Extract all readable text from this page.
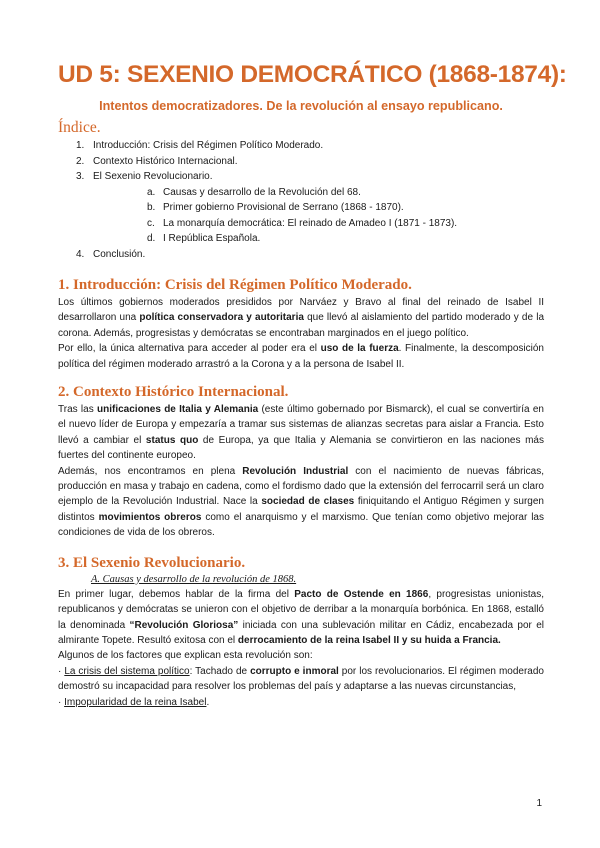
UD 5: SEXENIO DEMOCRÁTICO (1868-1874):
Intentos democratizadores. De la revolución al ensayo republicano.
Índice.
1. Introducción: Crisis del Régimen Político Moderado.
2. Contexto Histórico Internacional.
3. El Sexenio Revolucionario.
a. Causas y desarrollo de la Revolución del 68.
b. Primer gobierno Provisional de Serrano (1868 - 1870).
c. La monarquía democrática: El reinado de Amadeo I (1871 - 1873).
d. I República Española.
4. Conclusión.
1. Introducción: Crisis del Régimen Político Moderado.

Los últimos gobiernos moderados presididos por Narváez y Bravo al final del reinado de Isabel II desarrollaron una política conservadora y autoritaria que llevó al aislamiento del partido moderado y de la corona. Además, progresistas y demócratas se encontraban marginados en el juego político.

Por ello, la única alternativa para acceder al poder era el uso de la fuerza. Finalmente, la descomposición política del régimen moderado arrastró a la Corona y a la persona de Isabel II.

2. Contexto Histórico Internacional.

Tras las unificaciones de Italia y Alemania (este último gobernado por Bismarck), el cual se convertiría en el nuevo líder de Europa y empezaría a tramar sus sistemas de alianzas secretas para aislar a Francia. Esto llevó a cambiar el status quo de Europa, ya que Italia y Alemania se convirtieron en las naciones más fuertes del continente europeo.

Además, nos encontramos en plena Revolución Industrial con el nacimiento de nuevas fábricas, producción en masa y trabajo en cadena, como el fordismo dado que la extensión del ferrocarril será un claro ejemplo de la Revolución Industrial. Nace la sociedad de clases finiquitando el Antiguo Régimen y surgen distintos movimientos obreros como el anarquismo y el marxismo. Que tenían como objetivo mejorar las condiciones de vida de los obreros.

3. El Sexenio Revolucionario.
A. Causas y desarrollo de la revolución de 1868.

En primer lugar, debemos hablar de la firma del Pacto de Ostende en 1866, progresistas unionistas, republicanos y demócratas se unieron con el objetivo de derribar a la monarquía borbónica. En 1868, estalló la denominada “Revolución Gloriosa” iniciada con una sublevación militar en Cádiz, encabezada por el almirante Topete. Resultó exitosa con el derrocamiento de la reina Isabel II y su huida a Francia.

Algunos de los factores que explican esta revolución son:

· La crisis del sistema político: Tachado de corrupto e inmoral por los revolucionarios. El régimen moderado demostró su incapacidad para resolver los problemas del país y adaptarse a las nuevas circunstancias,

· Impopularidad de la reina Isabel.

1
